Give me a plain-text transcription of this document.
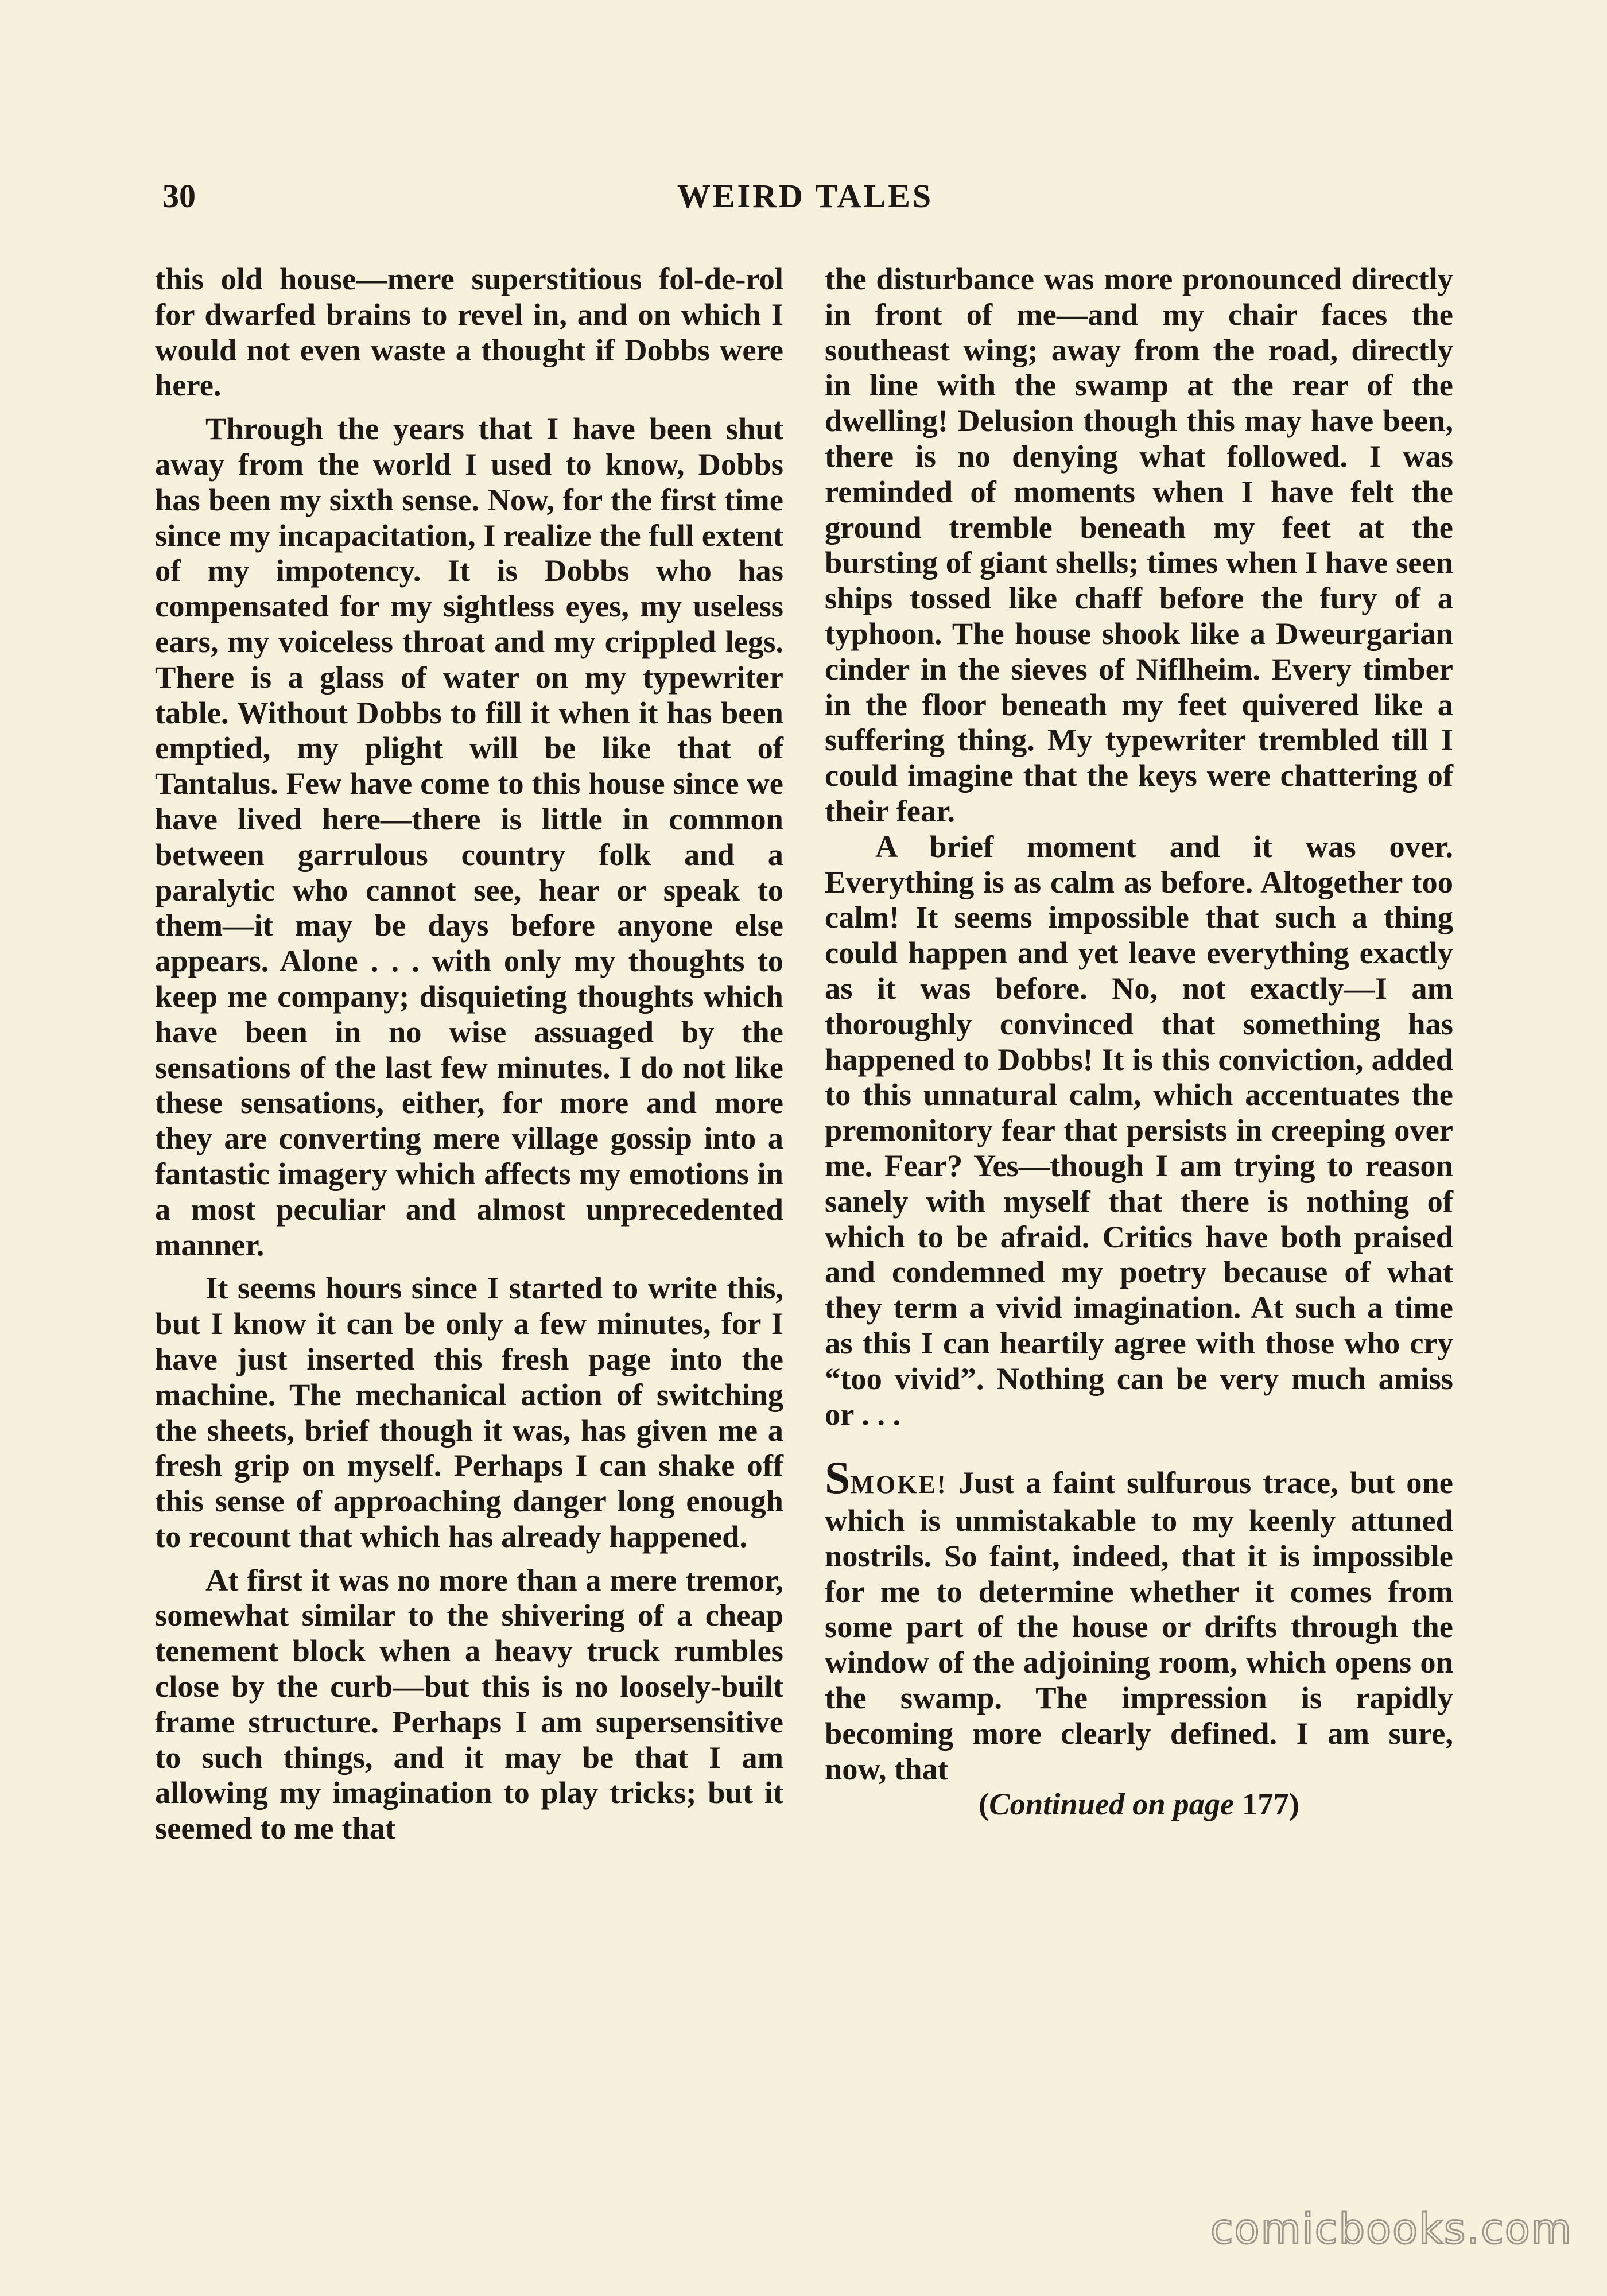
30	WEIRD TALES

this old house—mere superstitious fol-de-rol for dwarfed brains to revel in, and on which I would not even waste a thought if Dobbs were here.

Through the years that I have been shut away from the world I used to know, Dobbs has been my sixth sense. Now, for the first time since my incapacitation, I realize the full extent of my impotency. It is Dobbs who has compensated for my sightless eyes, my useless ears, my voiceless throat and my crippled legs. There is a glass of water on my typewriter table. Without Dobbs to fill it when it has been emptied, my plight will be like that of Tantalus. Few have come to this house since we have lived here—there is little in common between garrulous country folk and a paralytic who cannot see, hear or speak to them—it may be days before anyone else appears. Alone . . . with only my thoughts to keep me company; disquieting thoughts which have been in no wise assuaged by the sensations of the last few minutes. I do not like these sensations, either, for more and more they are converting mere village gossip into a fantastic imagery which affects my emotions in a most peculiar and almost unprecedented manner.

It seems hours since I started to write this, but I know it can be only a few minutes, for I have just inserted this fresh page into the machine. The mechanical action of switching the sheets, brief though it was, has given me a fresh grip on myself. Perhaps I can shake off this sense of approaching danger long enough to recount that which has already happened.

At first it was no more than a mere tremor, somewhat similar to the shivering of a cheap tenement block when a heavy truck rumbles close by the curb—but this is no loosely-built frame structure. Perhaps I am supersensitive to such things, and it may be that I am allowing my imagination to play tricks; but it seemed to me that

the disturbance was more pronounced directly in front of me—and my chair faces the southeast wing; away from the road, directly in line with the swamp at the rear of the dwelling! Delusion though this may have been, there is no denying what followed. I was reminded of moments when I have felt the ground tremble beneath my feet at the bursting of giant shells; times when I have seen ships tossed like chaff before the fury of a typhoon. The house shook like a Dweurgarian cinder in the sieves of Niflheim. Every timber in the floor beneath my feet quivered like a suffering thing. My typewriter trembled till I could imagine that the keys were chattering of their fear.

A brief moment and it was over. Everything is as calm as before. Altogether too calm! It seems impossible that such a thing could happen and yet leave everything exactly as it was before. No, not exactly—I am thoroughly convinced that something has happened to Dobbs! It is this conviction, added to this unnatural calm, which accentuates the premonitory fear that persists in creeping over me. Fear? Yes—though I am trying to reason sanely with myself that there is nothing of which to be afraid. Critics have both praised and condemned my poetry because of what they term a vivid imagination. At such a time as this I can heartily agree with those who cry “too vivid”. Nothing can be very much amiss or . . .

SMOKE! Just a faint sulfurous trace, but one which is unmistakable to my keenly attuned nostrils. So faint, indeed, that it is impossible for me to determine whether it comes from some part of the house or drifts through the window of the adjoining room, which opens on the swamp. The impression is rapidly becoming more clearly defined. I am sure, now, that

(Continued on page 177)

comicbooks.com
